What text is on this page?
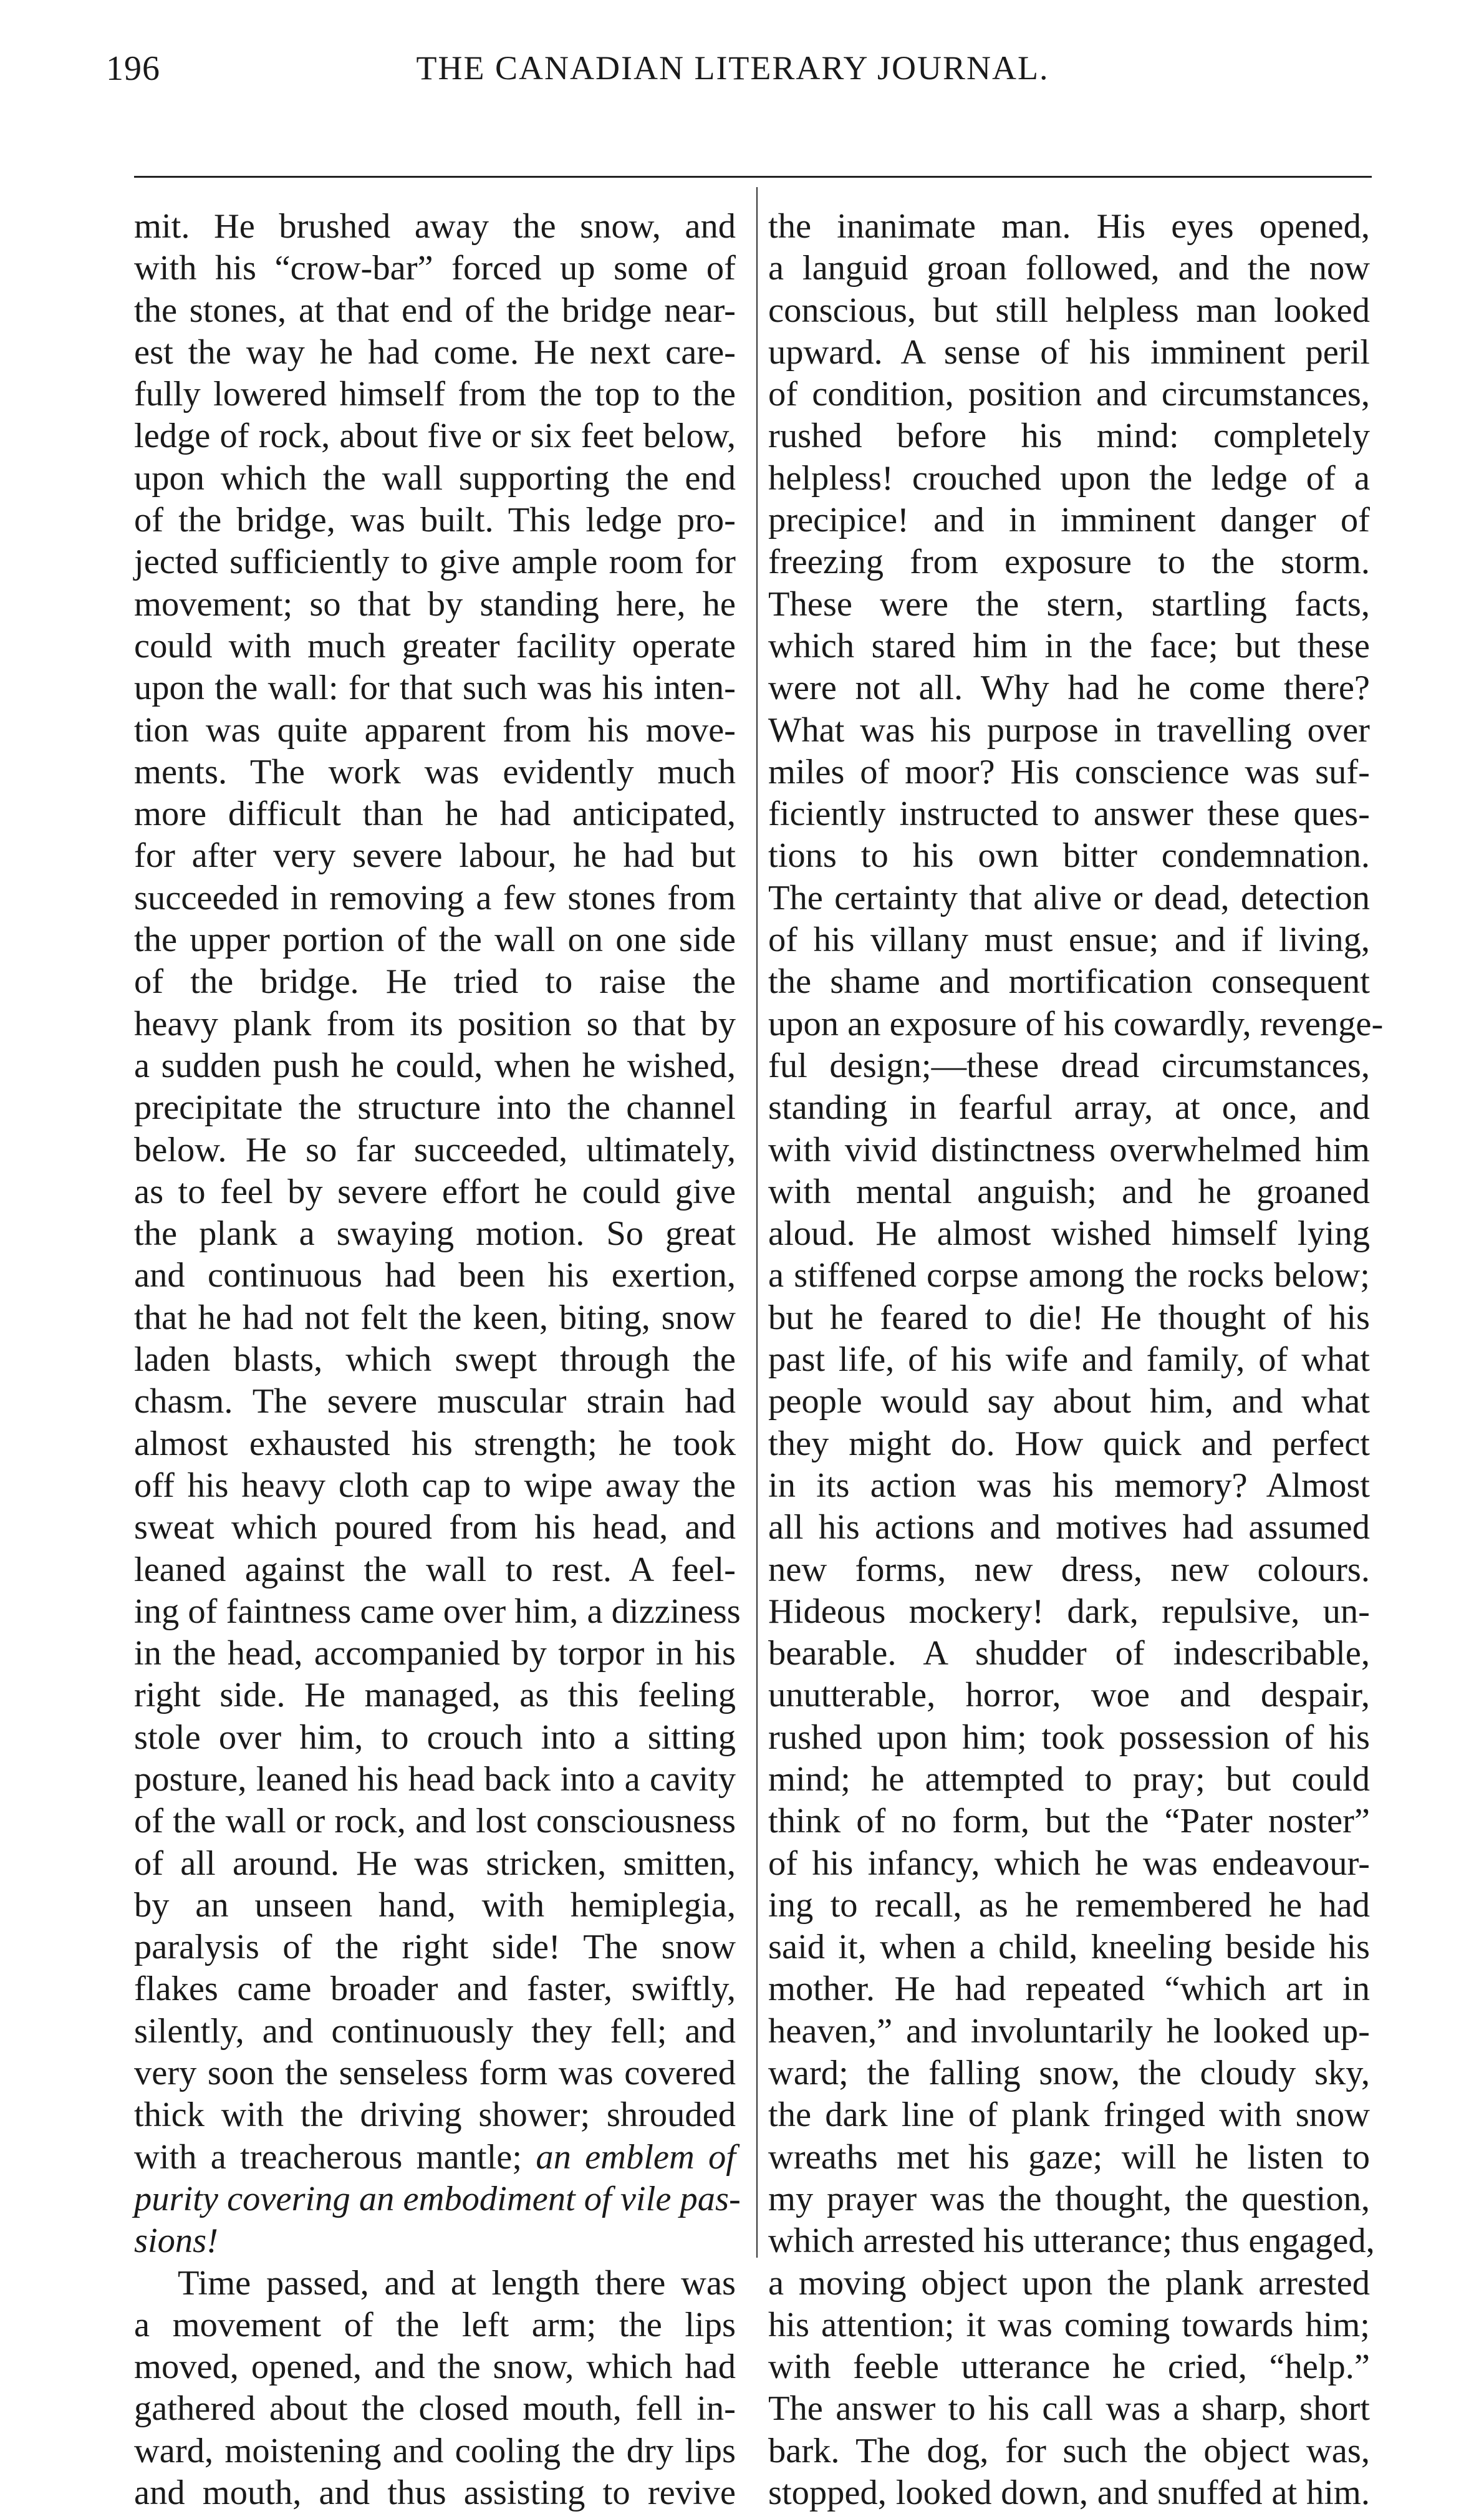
196	THE CANADIAN LITERARY JOURNAL.
mit. He brushed away the snow, and
with his “crow-bar” forced up some of
the stones, at that end of the bridge near-
est the way he had come. He next care-
fully lowered himself from the top to the
ledge of rock, about five or six feet below,
upon which the wall supporting the end
of the bridge, was built. This ledge pro-
jected sufficiently to give ample room for
movement; so that by standing here, he
could with much greater facility operate
upon the wall: for that such was his inten-
tion was quite apparent from his move-
ments. The work was evidently much
more difficult than he had anticipated,
for after very severe labour, he had but
succeeded in removing a few stones from
the upper portion of the wall on one side
of the bridge. He tried to raise the
heavy plank from its position so that by
a sudden push he could, when he wished,
precipitate the structure into the channel
below. He so far succeeded, ultimately,
as to feel by severe effort he could give
the plank a swaying motion. So great
and continuous had been his exertion,
that he had not felt the keen, biting, snow
laden blasts, which swept through the
chasm. The severe muscular strain had
almost exhausted his strength; he took
off his heavy cloth cap to wipe away the
sweat which poured from his head, and
leaned against the wall to rest. A feel-
ing of faintness came over him, a dizziness
in the head, accompanied by torpor in his
right side. He managed, as this feeling
stole over him, to crouch into a sitting
posture, leaned his head back into a cavity
of the wall or rock, and lost consciousness
of all around. He was stricken, smitten,
by an unseen hand, with hemiplegia,
paralysis of the right side! The snow
flakes came broader and faster, swiftly,
silently, and continuously they fell; and
very soon the senseless form was covered
thick with the driving shower; shrouded
with a treacherous mantle; an emblem of
purity covering an embodiment of vile pas-
sions!
Time passed, and at length there was
a movement of the left arm; the lips
moved, opened, and the snow, which had
gathered about the closed mouth, fell in-
ward, moistening and cooling the dry lips
and mouth, and thus assisting to revive
the inanimate man. His eyes opened,
a languid groan followed, and the now
conscious, but still helpless man looked
upward. A sense of his imminent peril
of condition, position and circumstances,
rushed before his mind: completely
helpless! crouched upon the ledge of a
precipice! and in imminent danger of
freezing from exposure to the storm.
These were the stern, startling facts,
which stared him in the face; but these
were not all. Why had he come there?
What was his purpose in travelling over
miles of moor? His conscience was suf-
ficiently instructed to answer these ques-
tions to his own bitter condemnation.
The certainty that alive or dead, detection
of his villany must ensue; and if living,
the shame and mortification consequent
upon an exposure of his cowardly, revenge-
ful design;—these dread circumstances,
standing in fearful array, at once, and
with vivid distinctness overwhelmed him
with mental anguish; and he groaned
aloud. He almost wished himself lying
a stiffened corpse among the rocks below;
but he feared to die! He thought of his
past life, of his wife and family, of what
people would say about him, and what
they might do. How quick and perfect
in its action was his memory? Almost
all his actions and motives had assumed
new forms, new dress, new colours.
Hideous mockery! dark, repulsive, un-
bearable. A shudder of indescribable,
unutterable, horror, woe and despair,
rushed upon him; took possession of his
mind; he attempted to pray; but could
think of no form, but the “Pater noster”
of his infancy, which he was endeavour-
ing to recall, as he remembered he had
said it, when a child, kneeling beside his
mother. He had repeated “which art in
heaven,” and involuntarily he looked up-
ward; the falling snow, the cloudy sky,
the dark line of plank fringed with snow
wreaths met his gaze; will he listen to
my prayer was the thought, the question,
which arrested his utterance; thus engaged,
a moving object upon the plank arrested
his attention; it was coming towards him;
with feeble utterance he cried, “help.”
The answer to his call was a sharp, short
bark. The dog, for such the object was,
stopped, looked down, and snuffed at him.
